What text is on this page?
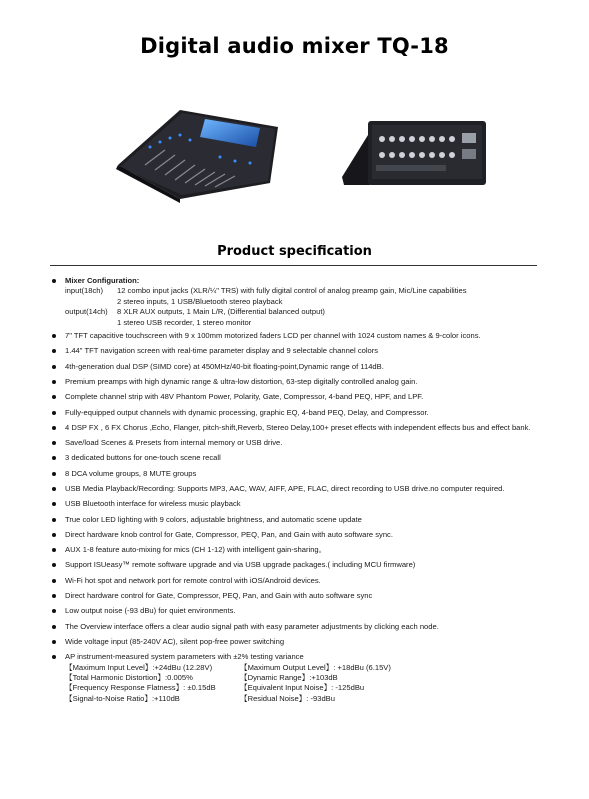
Digital audio mixer TQ-18
Product specification
Mixer Configuration:
input(18ch)	12 combo input jacks (XLR/¼" TRS) with fully digital control of analog preamp gain, Mic/Line capabilities
2 stereo inputs, 1 USB/Bluetooth stereo playback
output(14ch)	8 XLR AUX outputs, 1 Main L/R, (Differential balanced output)
1 stereo USB recorder, 1 stereo monitor
7" TFT capacitive touchscreen with 9 x 100mm motorized faders LCD per channel with 1024 custom names & 9-color icons.
1.44" TFT navigation screen with real-time parameter display and 9 selectable channel colors
4th-generation dual DSP (SIMD core) at 450MHz/40-bit floating-point,Dynamic range of 114dB.
Premium preamps with high dynamic range & ultra-low distortion, 63-step digitally controlled analog gain.
Complete channel strip with 48V Phantom Power, Polarity, Gate, Compressor, 4-band PEQ, HPF, and LPF.
Fully-equipped output channels with dynamic processing, graphic EQ, 4-band PEQ, Delay, and Compressor.
4 DSP FX , 6 FX Chorus ,Echo, Flanger, pitch-shift,Reverb, Stereo Delay,100+ preset effects with independent effects bus and effect bank.
Save/load Scenes & Presets from internal memory or USB drive.
3 dedicated buttons for one-touch scene recall
8 DCA volume groups, 8 MUTE groups
USB Media Playback/Recording: Supports MP3, AAC, WAV, AIFF, APE, FLAC, direct recording to USB drive.no computer required.
USB Bluetooth interface for wireless music playback
True color LED lighting with 9 colors, adjustable brightness, and automatic scene update
Direct hardware knob control for Gate, Compressor, PEQ, Pan, and Gain with auto software sync.
AUX 1-8 feature auto-mixing for mics (CH 1-12) with intelligent gain-sharing。
Support ISUeasy™ remote software upgrade and via USB upgrade packages.( including MCU firmware)
Wi-Fi hot spot and network port for remote control with iOS/Android devices.
Direct hardware control for Gate, Compressor, PEQ, Pan, and Gain with auto software sync
Low output noise (-93 dBu) for quiet environments.
The Overview interface offers a clear audio signal path with easy parameter adjustments by clicking each node.
Wide voltage input (85-240V AC), silent pop-free power switching
AP instrument-measured system parameters with ±2% testing variance
【Maximum Input Level】:+24dBu (12.28V)	【Maximum Output Level】: +18dBu (6.15V)
【Total Harmonic Distortion】:0.005%	【Dynamic Range】:+103dB
【Frequency Response Flatness】: ±0.15dB	【Equivalent Input Noise】: -125dBu
【Signal-to-Noise Ratio】:+110dB	【Residual Noise】: -93dBu
